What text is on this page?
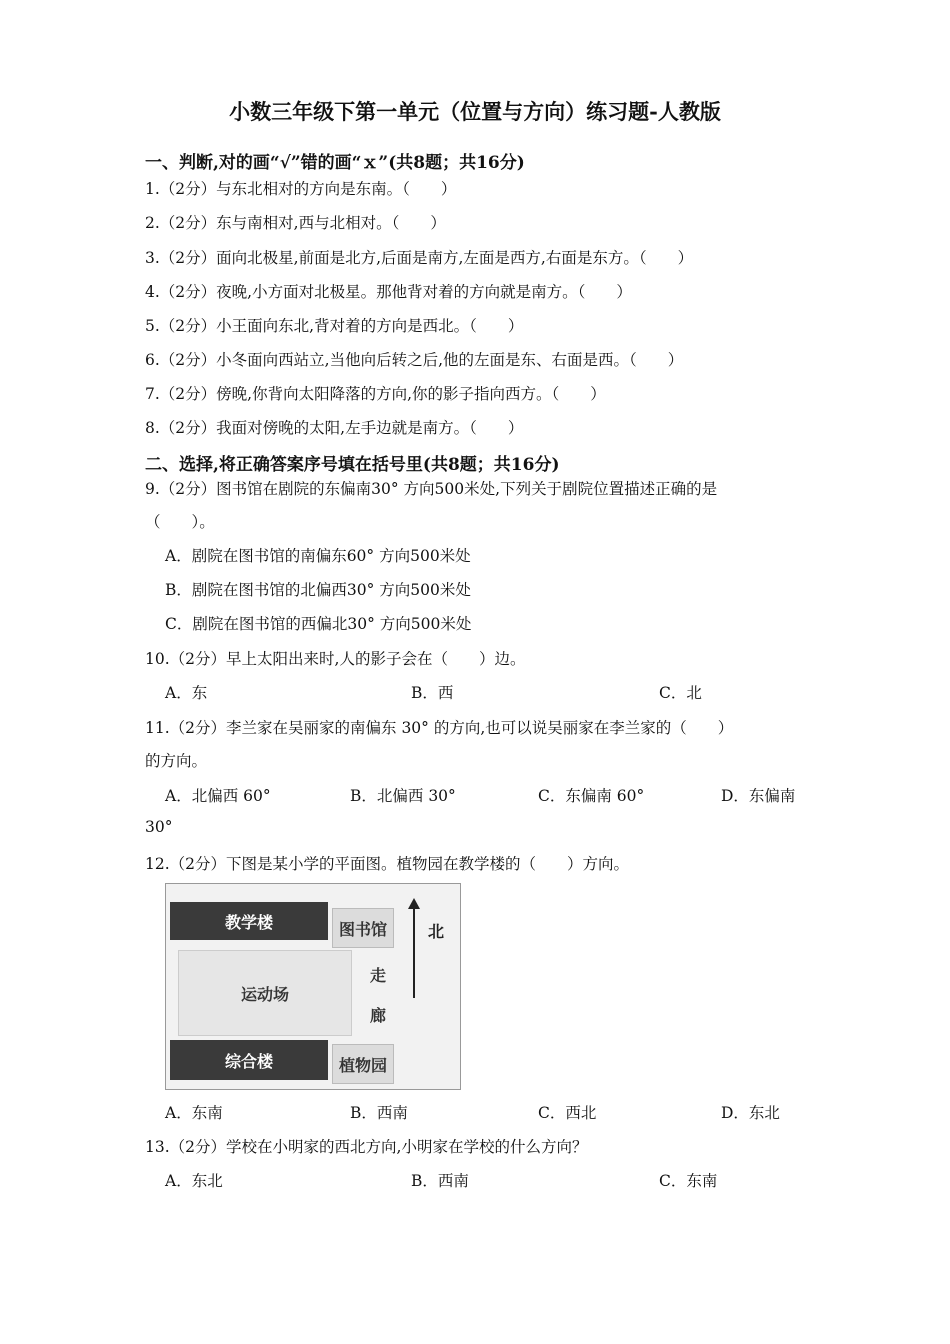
小数三年级下第一单元（位置与方向）练习题-人教版
一、判断,对的画“√”错的画“ｘ”(共8题；共16分)
1.（2分）与东北相对的方向是东南。（　　）
2.（2分）东与南相对,西与北相对。（　　）
3.（2分）面向北极星,前面是北方,后面是南方,左面是西方,右面是东方。（　　）
4.（2分）夜晚,小方面对北极星。那他背对着的方向就是南方。（　　）
5.（2分）小王面向东北,背对着的方向是西北。（　　）
6.（2分）小冬面向西站立,当他向后转之后,他的左面是东、右面是西。（　　）
7.（2分）傍晚,你背向太阳降落的方向,你的影子指向西方。（　　）
8.（2分）我面对傍晚的太阳,左手边就是南方。（　　）
二、选择,将正确答案序号填在括号里(共8题；共16分)
9.（2分）图书馆在剧院的东偏南30° 方向500米处,下列关于剧院位置描述正确的是
（　　）。
A．剧院在图书馆的南偏东60° 方向500米处
B．剧院在图书馆的北偏西30° 方向500米处
C．剧院在图书馆的西偏北30° 方向500米处
10.（2分）早上太阳出来时,人的影子会在（　　）边。
A．东	B．西	C．北
11.（2分）李兰家在吴丽家的南偏东 30° 的方向,也可以说吴丽家在李兰家的（　　）
的方向。
A．北偏西 60°	B．北偏西 30°	C．东偏南 60°	D．东偏南
30°
12.（2分）下图是某小学的平面图。植物园在教学楼的（　　）方向。
教学楼	图书馆
运动场
走
廊
综合楼	植物园
北
A．东南	B．西南	C．西北	D．东北
13.（2分）学校在小明家的西北方向,小明家在学校的什么方向？
A．东北	B．西南	C．东南
